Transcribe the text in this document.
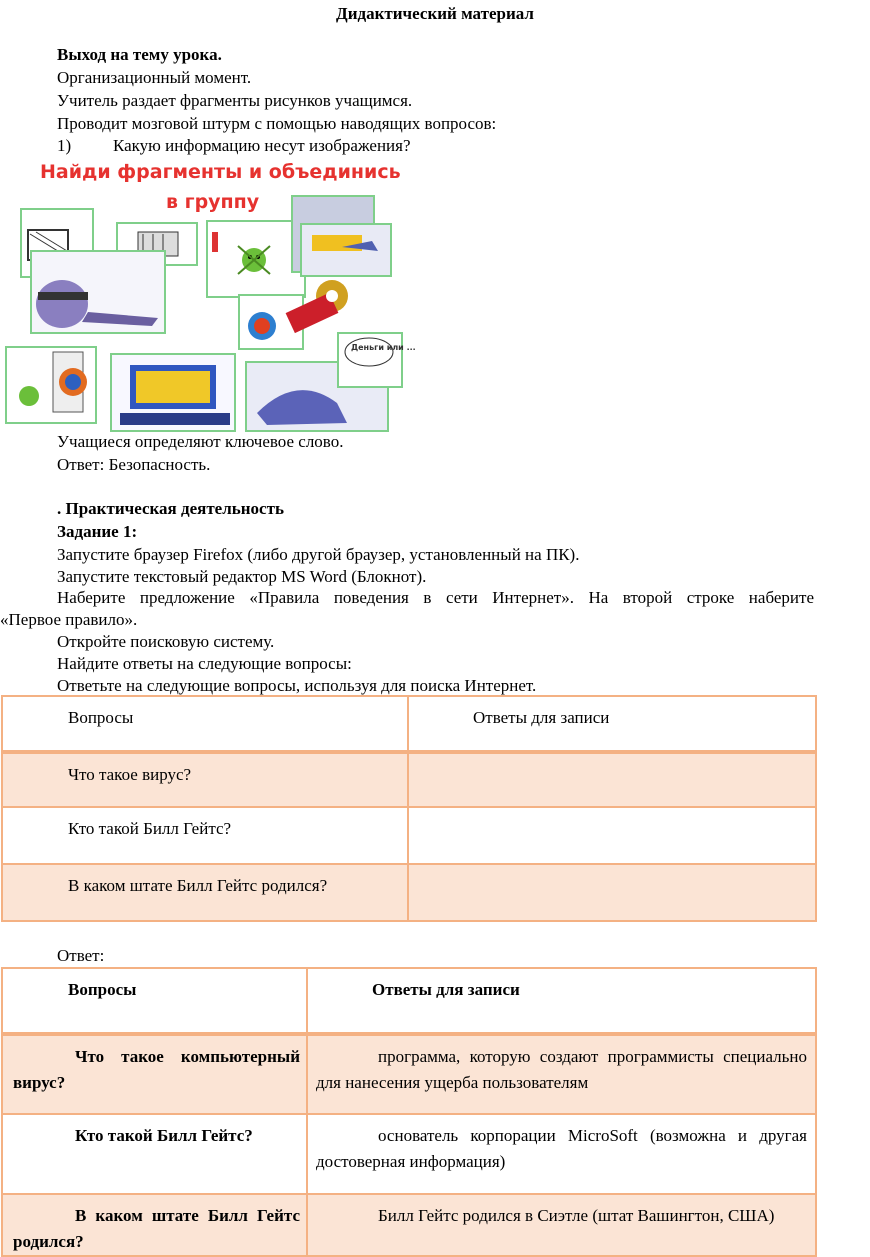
Дидактический материал
Выход на тему урока.
Организационный момент.
Учитель раздает фрагменты рисунков учащимся.
Проводит мозговой штурм с помощью наводящих вопросов:
1) Какую информацию несут изображения?
Найди фрагменты и объединись
в группу
Деньги или ...
Учащиеся определяют ключевое слово.
Ответ: Безопасность.
. Практическая деятельность
Задание 1:
Запустите браузер Firefox (либо другой браузер, установленный на ПК).
Запустите текстовый редактор MS Word (Блокнот).
Наберите предложение «Правила поведения в сети Интернет». На второй строке наберите
«Первое правило».
Откройте поисковую систему.
Найдите ответы на следующие вопросы:
Ответьте на следующие вопросы, используя для поиска Интернет.
Вопросы	Ответы для записи

Что такое вирус?	

Кто такой Билл Гейтс?	

В каком штате Билл Гейтс родился?	

Ответ:
Вопросы	Ответы для записи

Что такое компьютерный вирус?	программа, которую создают программисты специально для нанесения ущерба пользователям

Кто такой Билл Гейтс?	основатель корпорации MicroSoft (возможна и другая достоверная информация)

В каком штате Билл Гейтс родился?	Билл Гейтс родился в Сиэтле (штат Вашингтон, США)
